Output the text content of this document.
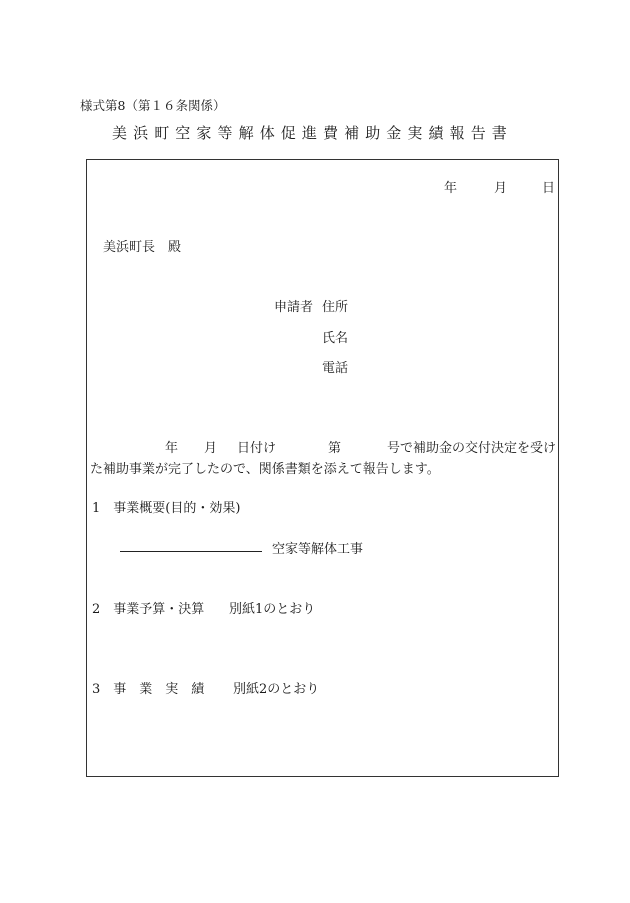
様式第8（第１６条関係）
美浜町空家等解体促進費補助金実績報告書
年	月	日
美浜町長　殿
申請者 住所
氏名
電話
年 月 日付け	第	号で補助金の交付決定を受け
た補助事業が完了したので、関係書類を添えて報告します。
1　事業概要(目的・効果)
空家等解体工事
2　事業予算・決算 別紙1のとおり
3　事　業　実　績 別紙2のとおり
